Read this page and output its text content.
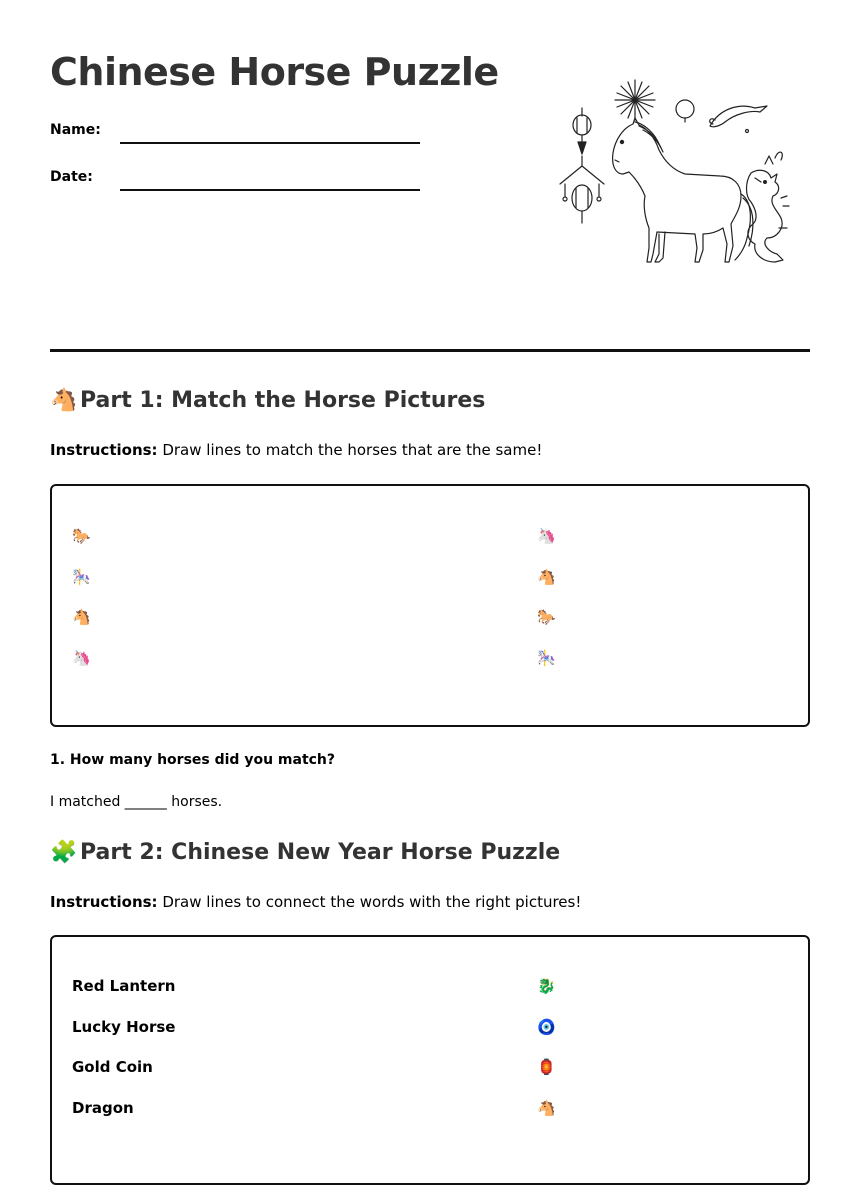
Chinese Horse Puzzle
Name:
Date:
🐴 Part 1: Match the Horse Pictures
Instructions: Draw lines to match the horses that are the same!
🐎
🎠
🐴
🦄
🦄
🐴
🐎
🎠
1. How many horses did you match?
I matched ______ horses.
🧩 Part 2: Chinese New Year Horse Puzzle
Instructions: Draw lines to connect the words with the right pictures!
Red Lantern
Lucky Horse
Gold Coin
Dragon
🐉
🧿
🏮
🐴
